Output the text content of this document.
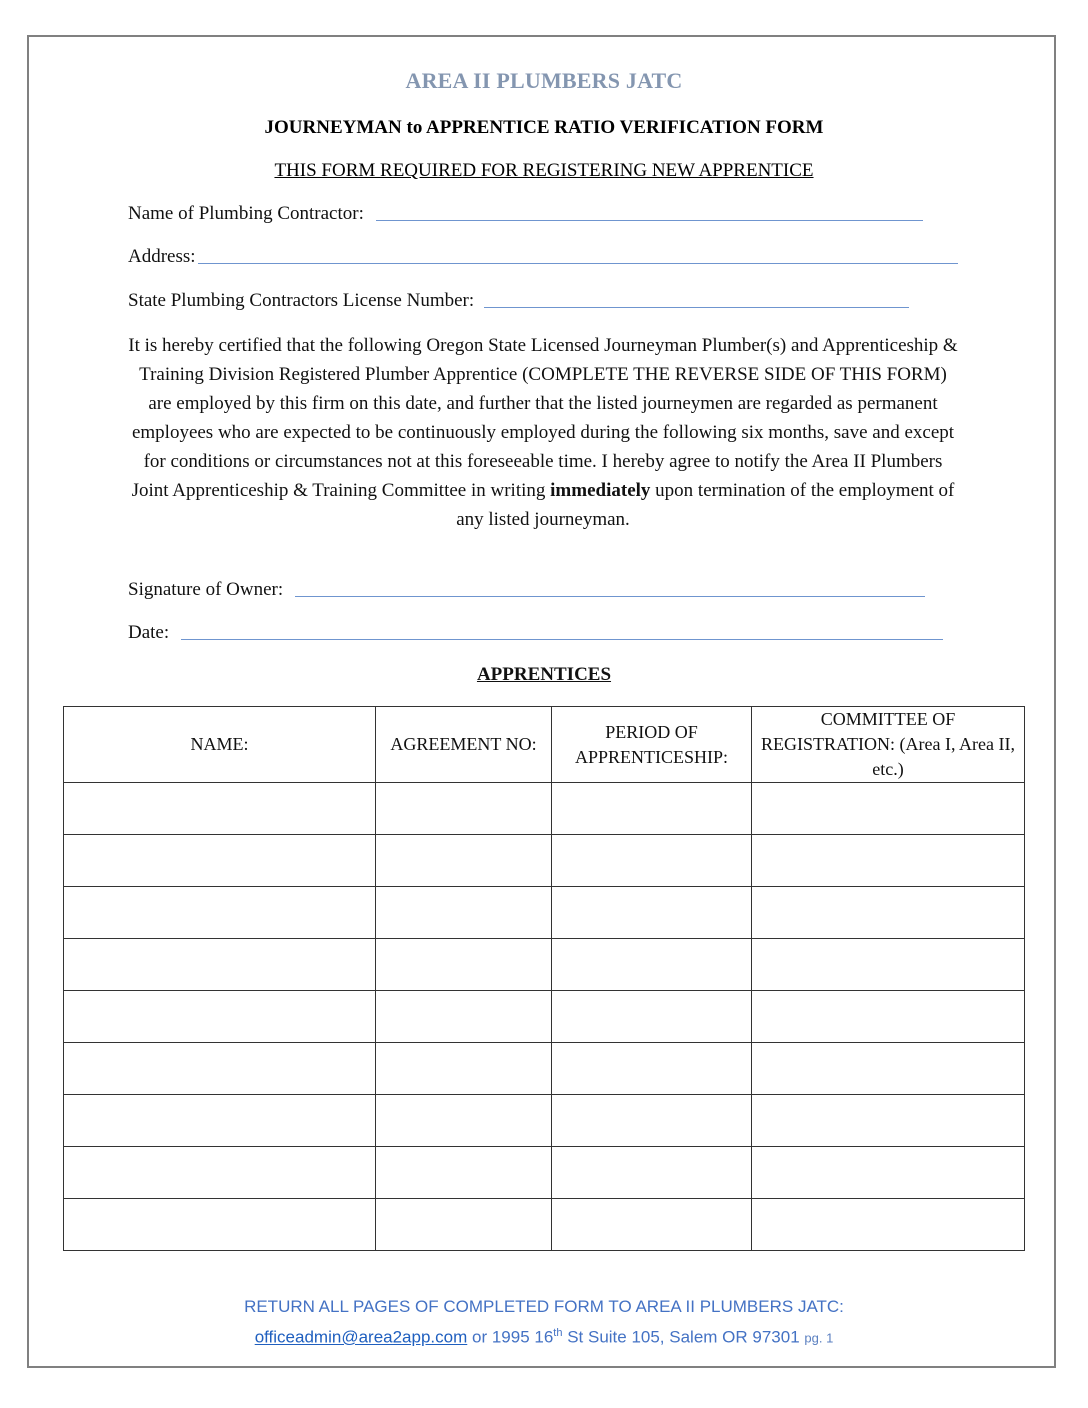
AREA II PLUMBERS JATC
JOURNEYMAN to APPRENTICE RATIO VERIFICATION FORM
THIS FORM REQUIRED FOR REGISTERING NEW APPRENTICE
Name of Plumbing Contractor:
Address:
State Plumbing Contractors License Number:
It is hereby certified that the following Oregon State Licensed Journeyman Plumber(s) and Apprenticeship & Training Division Registered Plumber Apprentice (COMPLETE THE REVERSE SIDE OF THIS FORM) are employed by this firm on this date, and further that the listed journeymen are regarded as permanent employees who are expected to be continuously employed during the following six months, save and except for conditions or circumstances not at this foreseeable time. I hereby agree to notify the Area II Plumbers Joint Apprenticeship & Training Committee in writing immediately upon termination of the employment of any listed journeyman.
Signature of Owner:
Date:
APPRENTICES
NAME:	AGREEMENT NO:	PERIOD OF APPRENTICESHIP:	COMMITTEE OF REGISTRATION: (Area I, Area II, etc.)

RETURN ALL PAGES OF COMPLETED FORM TO AREA II PLUMBERS JATC:
officeadmin@area2app.com or 1995 16th St Suite 105, Salem OR 97301 pg. 1
